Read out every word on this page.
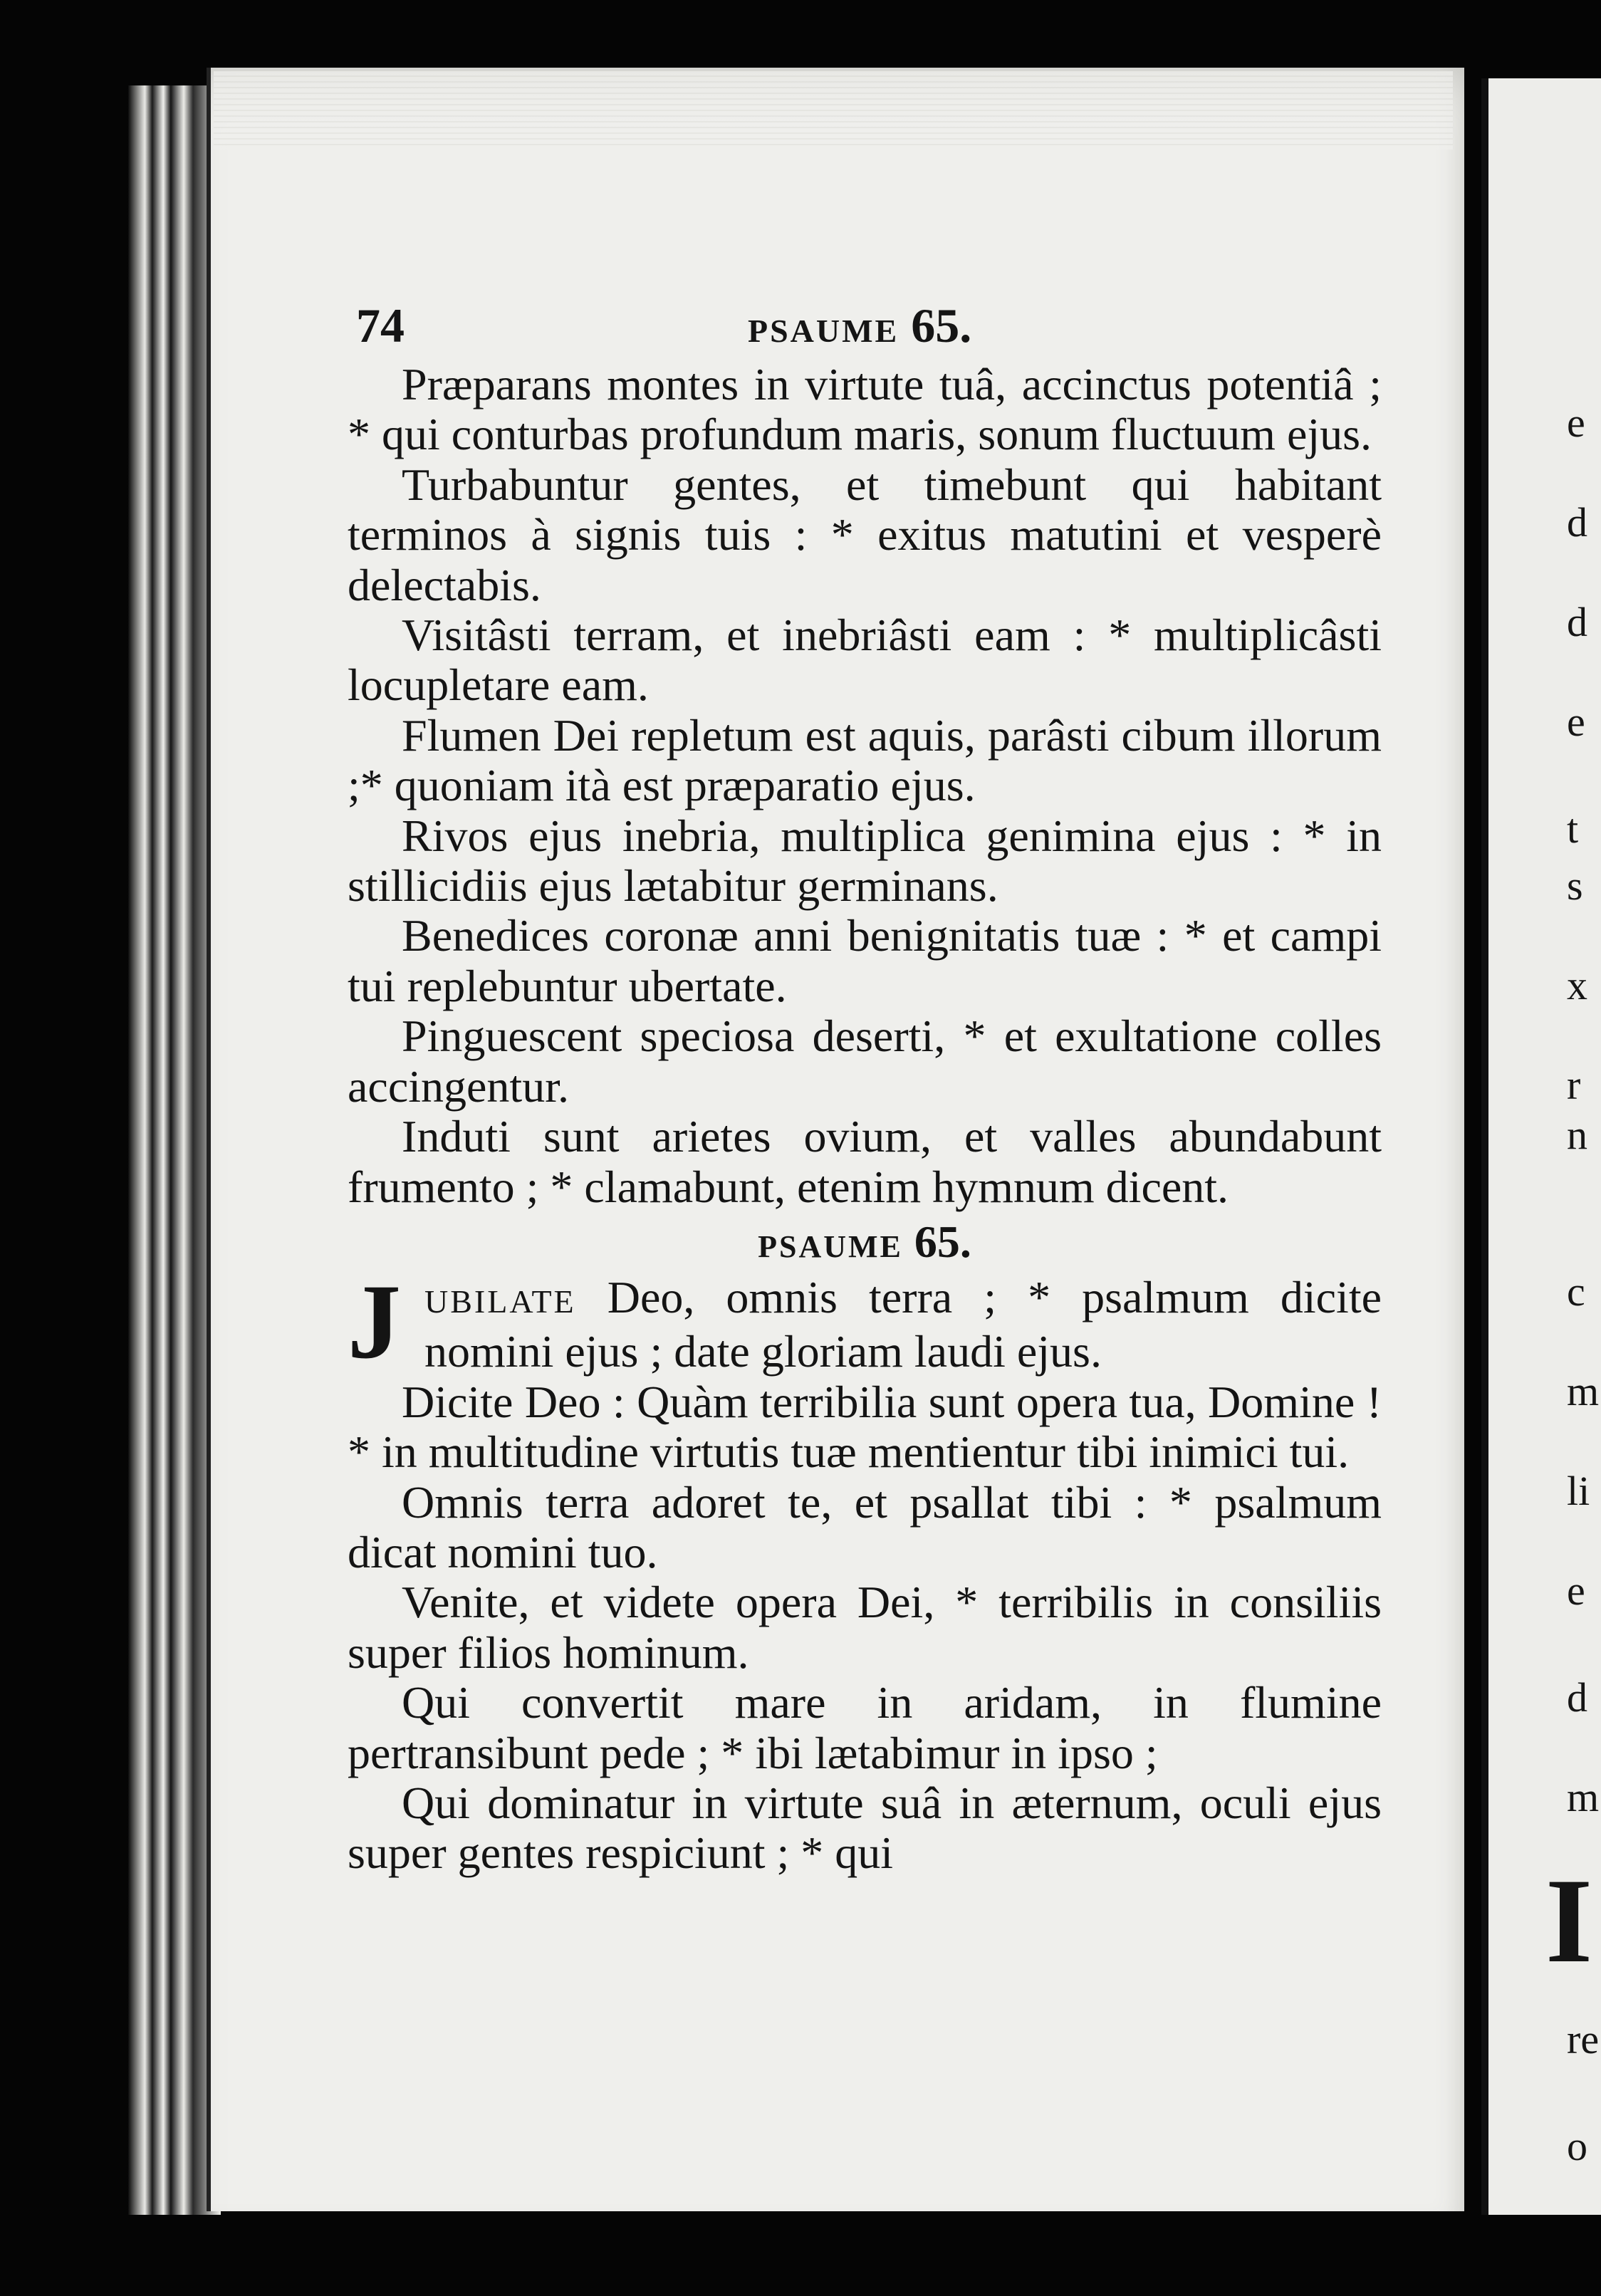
e
d
d
e
t
s
x
r
n
c
m
li
e
d
m
I
re
o
74	PSAUME 65.

Præparans montes in virtute tuâ, accinctus potentiâ ; * qui conturbas profundum maris, sonum fluctuum ejus.

Turbabuntur gentes, et timebunt qui habitant terminos à signis tuis : * exitus matutini et vesperè delectabis.

Visitâsti terram, et inebriâsti eam : * multiplicâsti locupletare eam.

Flumen Dei repletum est aquis, parâsti cibum illorum ;* quoniam ità est præparatio ejus.

Rivos ejus inebria, multiplica genimina ejus : * in stillicidiis ejus lætabitur germinans.

Benedices coronæ anni benignitatis tuæ : * et campi tui replebuntur ubertate.

Pinguescent speciosa deserti, * et exultatione colles accingentur.

Induti sunt arietes ovium, et valles abundabunt frumento ; * clamabunt, etenim hymnum dicent.

PSAUME 65.
J UBILATE Deo, omnis terra ; * psalmum dicite nomini ejus ; date gloriam laudi ejus.

Dicite Deo : Quàm terribilia sunt opera tua, Domine ! * in multitudine virtutis tuæ mentientur tibi inimici tui.

Omnis terra adoret te, et psallat tibi : * psalmum dicat nomini tuo.

Venite, et videte opera Dei, * terribilis in consiliis super filios hominum.

Qui convertit mare in aridam, in flumine pertransibunt pede ; * ibi lætabimur in ipso ;

Qui dominatur in virtute suâ in æternum, oculi ejus super gentes respiciunt ; * qui
